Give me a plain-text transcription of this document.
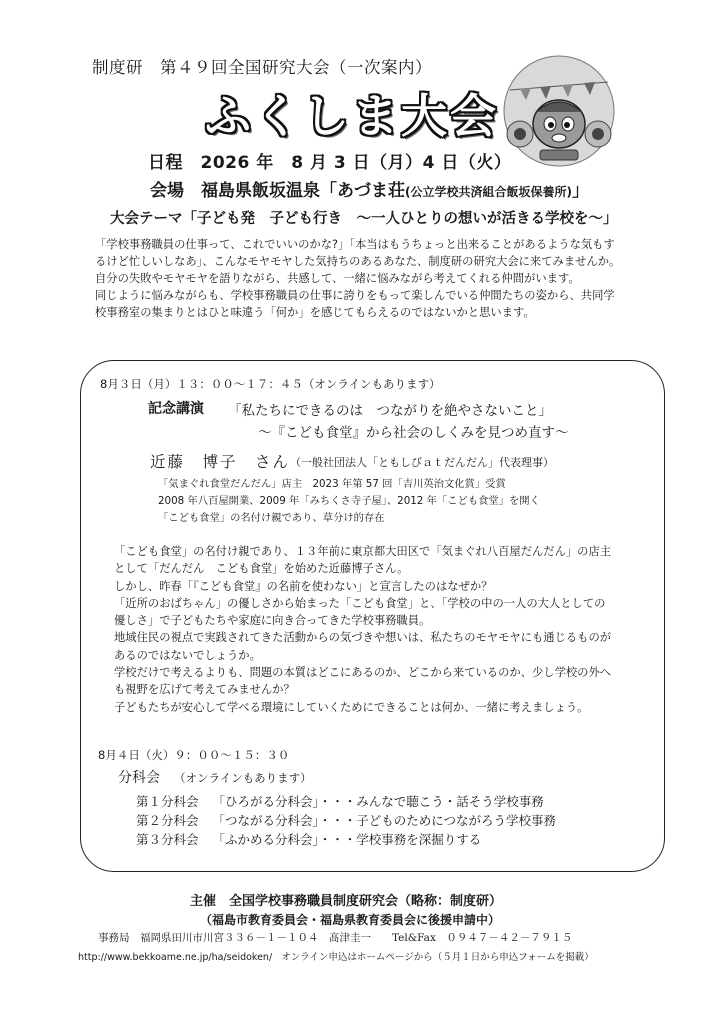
制度研　第４９回全国研究大会（一次案内）
ふくしま大会
日程　2026 年　8 月 3 日（月）4 日（火）
会場　福島県飯坂温泉「あづま荘(公立学校共済組合飯坂保養所)」
大会テーマ「子ども発　子ども行き　～一人ひとりの想いが活きる学校を～」

「学校事務職員の仕事って、これでいいのかな?」「本当はもうちょっと出来ることがあるような気もす

るけど忙しいしなあ」、こんなモヤモヤした気持ちのあるあなた、制度研の研究大会に来てみませんか。

自分の失敗やモヤモヤを語りながら、共感して、一緒に悩みながら考えてくれる仲間がいます。

同じように悩みながらも、学校事務職員の仕事に誇りをもって楽しんでいる仲間たちの姿から、共同学

校事務室の集まりとはひと味違う「何か」を感じてもらえるのではないかと思います。

8月３日（月）１３：００～１７：４５（オンラインもあります）
記念講演 「私たちにできるのは　つながりを絶やさないこと」
～『こども食堂』から社会のしくみを見つめ直す～
近藤　博子　さん （一般社団法人「ともしびａｔだんだん」代表理事）

「気まぐれ食堂だんだん」店主　2023 年第 57 回「吉川英治文化賞」受賞

2008 年八百屋開業、2009 年「みちくさ寺子屋」、2012 年「こども食堂」を開く

「こども食堂」の名付け親であり、草分け的存在

「こども食堂」の名付け親であり、１３年前に東京都大田区で「気まぐれ八百屋だんだん」の店主

として「だんだん　こども食堂」を始めた近藤博子さん。

しかし、昨春「『こども食堂』の名前を使わない」と宣言したのはなぜか？

「近所のおばちゃん」の優しさから始まった「こども食堂」と、「学校の中の一人の大人としての

優しさ」で子どもたちや家庭に向き合ってきた学校事務職員。

地域住民の視点で実践されてきた活動からの気づきや想いは、私たちのモヤモヤにも通じるものが

あるのではないでしょうか。

学校だけで考えるよりも、問題の本質はどこにあるのか、どこから来ているのか、少し学校の外へ

も視野を広げて考えてみませんか？

子どもたちが安心して学べる環境にしていくためにできることは何か、一緒に考えましょう。

8月４日（火）９：００～１５：３０
分科会 （オンラインもあります）
第１分科会 「ひろがる分科会」・・・みんなで聴こう・話そう学校事務
第２分科会 「つながる分科会」・・・子どものためにつながろう学校事務
第３分科会 「ふかめる分科会」・・・学校事務を深掘りする
主催　全国学校事務職員制度研究会（略称：制度研）
（福島市教育委員会・福島県教育委員会に後援申請中）
事務局　福岡県田川市川宮３３６－１－１０４　髙津圭一　　Tel&Fax　０９４７－４２－７９１５
http://www.bekkoame.ne.jp/ha/seidoken/ オンライン申込はホームページから（５月１日から申込フォームを掲載）
